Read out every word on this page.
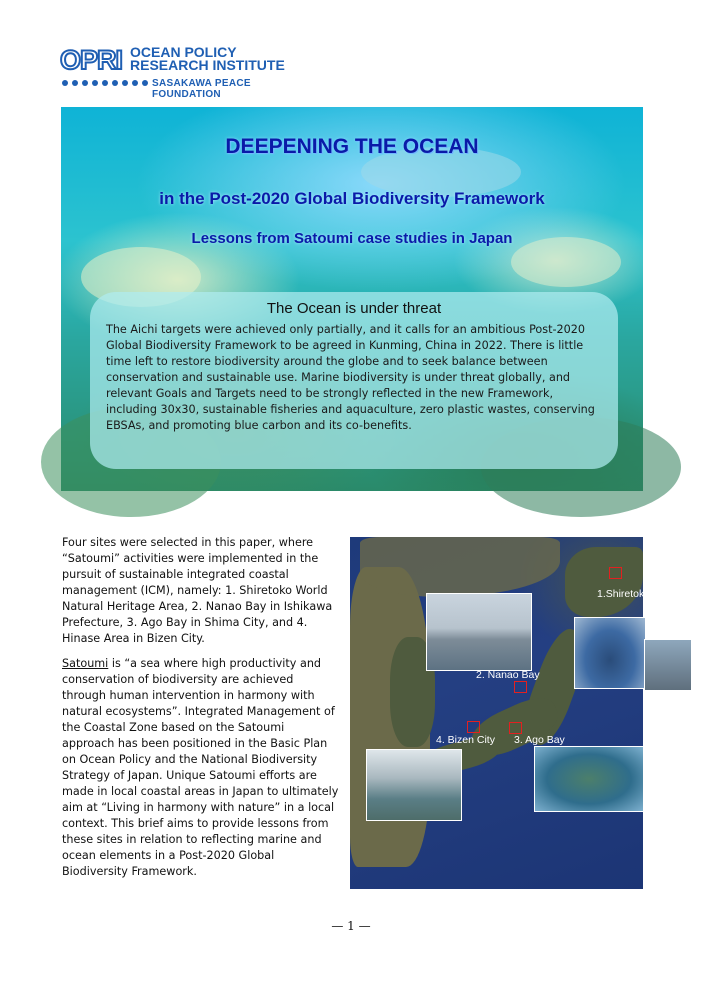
OPRI OCEAN POLICY
RESEARCH INSTITUTE
SASAKAWA PEACE FOUNDATION
DEEPENING THE OCEAN
in the Post-2020 Global Biodiversity Framework
Lessons from Satoumi case studies in Japan
The Ocean is under threat
The Aichi targets were achieved only partially, and it calls for an ambitious Post-2020 Global Biodiversity Framework to be agreed in Kunming, China in 2022. There is little time left to restore biodiversity around the globe and to seek balance between conservation and sustainable use. Marine biodiversity is under threat globally, and relevant Goals and Targets need to be strongly reflected in the new Framework, including 30x30, sustainable fisheries and aquaculture, zero plastic wastes, conserving EBSAs, and promoting blue carbon and its co-benefits.

Four sites were selected in this paper, where “Satoumi” activities were implemented in the pursuit of sustainable integrated coastal management (ICM), namely: 1. Shiretoko World Natural Heritage Area, 2. Nanao Bay in Ishikawa Prefecture, 3. Ago Bay in Shima City, and 4. Hinase Area in Bizen City.

Satoumi is “a sea where high productivity and conservation of biodiversity are achieved through human intervention in harmony with natural ecosystems”. Integrated Management of the Coastal Zone based on the Satoumi approach has been positioned in the Basic Plan on Ocean Policy and the National Biodiversity Strategy of Japan. Unique Satoumi efforts are made in local coastal areas in Japan to ultimately aim at “Living in harmony with nature” in a local context. This brief aims to provide lessons from these sites in relation to reflecting marine and ocean elements in a Post-2020 Global Biodiversity Framework.

1.Shiretoko
2. Nanao Bay
3. Ago Bay
4. Bizen City
— 1 —
